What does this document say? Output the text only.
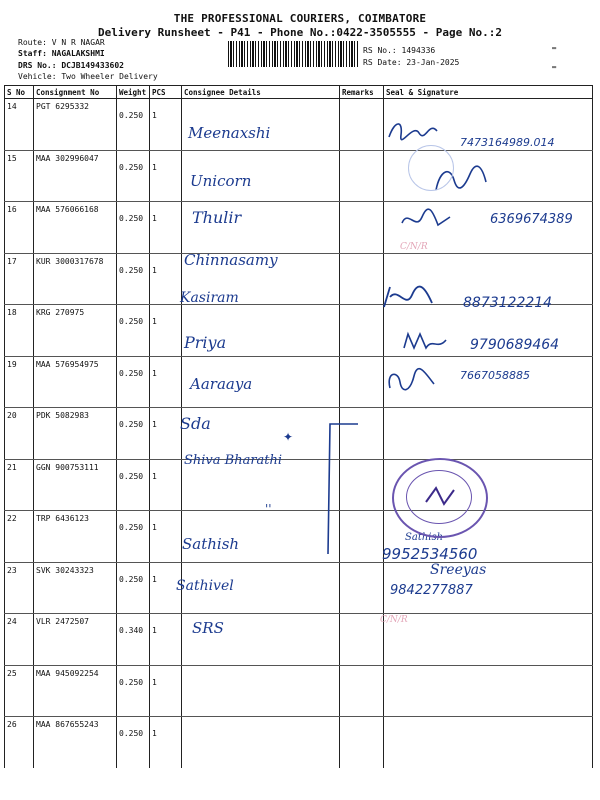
THE PROFESSIONAL COURIERS, COIMBATORE
Delivery Runsheet - P41 - Phone No.:0422-3505555 - Page No.:2
Route: V N R NAGAR
Staff: NAGALAKSHMI
DRS No.: DCJB149433602
Vehicle: Two Wheeler Delivery
RS No.: 1494336
RS Date: 23-Jan-2025
▬
▬
S No	Consignment No	Weight	PCS	Consignee Details	Remarks	Seal & Signature
14	PGT 6295332	0.250	1			
15	MAA 302996047	0.250	1			
16	MAA 576066168	0.250	1			
17	KUR 3000317678	0.250	1			
18	KRG 270975	0.250	1			
19	MAA 576954975	0.250	1			
20	PDK 5082983	0.250	1			
21	GGN 900753111	0.250	1			
22	TRP 6436123	0.250	1			
23	SVK 30243323	0.250	1			
24	VLR 2472507	0.340	1			
25	MAA 945092254	0.250	1			
26	MAA 867655243	0.250	1			
Meenaxshi
Unicorn
Thulir
Chinnasamy
Kasiram
Priya
Aaraaya
Sda
Shiva Bharathi
Sathish
Sathivel
SRS
✦
''
7473164989.014
6369674389
8873122214
9790689464
7667058885
Sathish
9952534560
Sreeyas
9842277887
C/N/R
C/N/R
